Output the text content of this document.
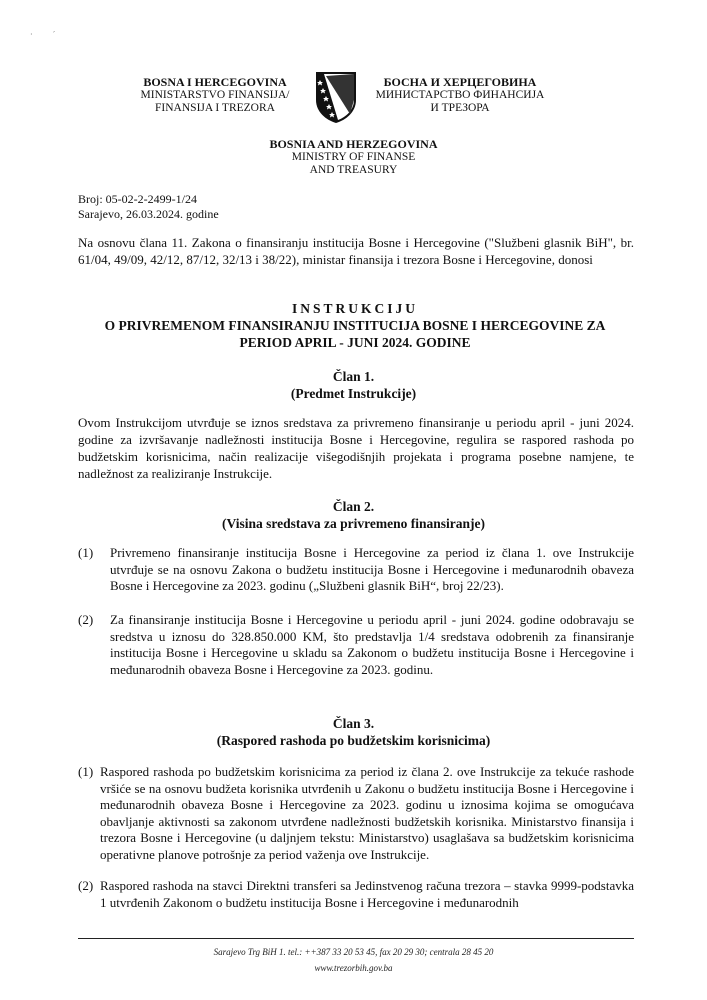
·          ˊ
BOSNA I HERCEGOVINA
MINISTARSTVO FINANSIJA/
FINANSIJA I TREZORA
БОСНА И ХЕРЦЕГОВИНА
МИНИСТАРСТВО ФИНАНСИЈА
И ТРЕЗОРА
BOSNIA AND HERZEGOVINA
MINISTRY OF FINANSE
AND TREASURY
Broj: 05-02-2-2499-1/24
Sarajevo, 26.03.2024. godine
Na osnovu člana 11. Zakona o finansiranju institucija Bosne i Hercegovine ("Službeni glasnik BiH", br. 61/04, 49/09, 42/12, 87/12, 32/13 i 38/22), ministar finansija i trezora Bosne i Hercegovine, donosi
INSTRUKCIJU
O PRIVREMENOM FINANSIRANJU INSTITUCIJA BOSNE I HERCEGOVINE ZA
PERIOD APRIL - JUNI 2024. GODINE
Član 1.
(Predmet Instrukcije)
Ovom Instrukcijom utvrđuje se iznos sredstava za privremeno finansiranje u periodu april - juni 2024. godine za izvršavanje nadležnosti institucija Bosne i Hercegovine, regulira se raspored rashoda po budžetskim korisnicima, način realizacije višegodišnjih projekata i programa posebne namjene, te nadležnost za realiziranje Instrukcije.
Član 2.
(Visina sredstava za privremeno finansiranje)
(1) Privremeno finansiranje institucija Bosne i Hercegovine za period iz člana 1. ove Instrukcije utvrđuje se na osnovu Zakona o budžetu institucija Bosne i Hercegovine i međunarodnih obaveza Bosne i Hercegovine za 2023. godinu („Službeni glasnik BiH“, broj 22/23).
(2) Za finansiranje institucija Bosne i Hercegovine u periodu april - juni 2024. godine odobravaju se sredstva u iznosu do 328.850.000 KM, što predstavlja 1/4 sredstava odobrenih za finansiranje institucija Bosne i Hercegovine u skladu sa Zakonom o budžetu institucija Bosne i Hercegovine i međunarodnih obaveza Bosne i Hercegovine za 2023. godinu.
Član 3.
(Raspored rashoda po budžetskim korisnicima)
(1) Raspored rashoda po budžetskim korisnicima za period iz člana 2. ove Instrukcije za tekuće rashode vršiće se na osnovu budžeta korisnika utvrđenih u Zakonu o budžetu institucija Bosne i Hercegovine i međunarodnih obaveza Bosne i Hercegovine za 2023. godinu u iznosima kojima se omogućava obavljanje aktivnosti sa zakonom utvrđene nadležnosti budžetskih korisnika. Ministarstvo finansija i trezora Bosne i Hercegovine (u daljnjem tekstu: Ministarstvo) usaglašava sa budžetskim korisnicima operativne planove potrošnje za period važenja ove Instrukcije.
(2) Raspored rashoda na stavci Direktni transferi sa Jedinstvenog računa trezora – stavka 9999-podstavka 1 utvrđenih Zakonom o budžetu institucija Bosne i Hercegovine i međunarodnih
Sarajevo Trg BiH 1. tel.: ++387 33 20 53 45, fax 20 29 30; centrala 28 45 20
www.trezorbih.gov.ba
